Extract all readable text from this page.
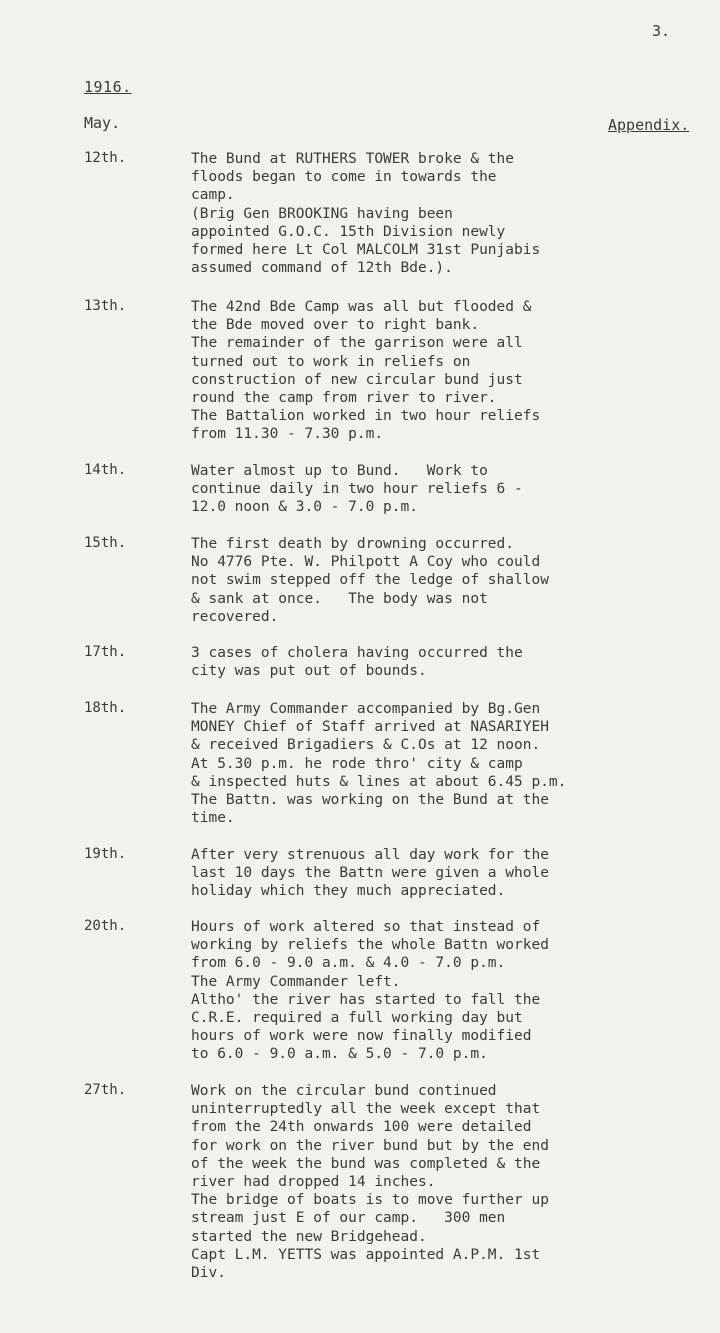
3.
1916.
May.	Appendix.
12th.	The Bund at RUTHERS TOWER broke & the
floods began to come in towards the
camp.
(Brig Gen BROOKING having been
appointed G.O.C. 15th Division newly
formed here Lt Col MALCOLM 31st Punjabis
assumed command of 12th Bde.).
13th.	The 42nd Bde Camp was all but flooded &
the Bde moved over to right bank.
The remainder of the garrison were all
turned out to work in reliefs on
construction of new circular bund just
round the camp from river to river.
The Battalion worked in two hour reliefs
from 11.30 - 7.30 p.m.
14th.	Water almost up to Bund.   Work to
continue daily in two hour reliefs 6 -
12.0 noon & 3.0 - 7.0 p.m.
15th.	The first death by drowning occurred.
No 4776 Pte. W. Philpott A Coy who could
not swim stepped off the ledge of shallow
& sank at once.   The body was not
recovered.
17th.	3 cases of cholera having occurred the
city was put out of bounds.
18th.	The Army Commander accompanied by Bg.Gen
MONEY Chief of Staff arrived at NASARIYEH
& received Brigadiers & C.Os at 12 noon.
At 5.30 p.m. he rode thro' city & camp
& inspected huts & lines at about 6.45 p.m.
The Battn. was working on the Bund at the
time.
19th.	After very strenuous all day work for the
last 10 days the Battn were given a whole
holiday which they much appreciated.
20th.	Hours of work altered so that instead of
working by reliefs the whole Battn worked
from 6.0 - 9.0 a.m. & 4.0 - 7.0 p.m.
The Army Commander left.
Altho' the river has started to fall the
C.R.E. required a full working day but
hours of work were now finally modified
to 6.0 - 9.0 a.m. & 5.0 - 7.0 p.m.
27th.	Work on the circular bund continued
uninterruptedly all the week except that
from the 24th onwards 100 were detailed
for work on the river bund but by the end
of the week the bund was completed & the
river had dropped 14 inches.
The bridge of boats is to move further up
stream just E of our camp.   300 men
started the new Bridgehead.
Capt L.M. YETTS was appointed A.P.M. 1st
Div.
